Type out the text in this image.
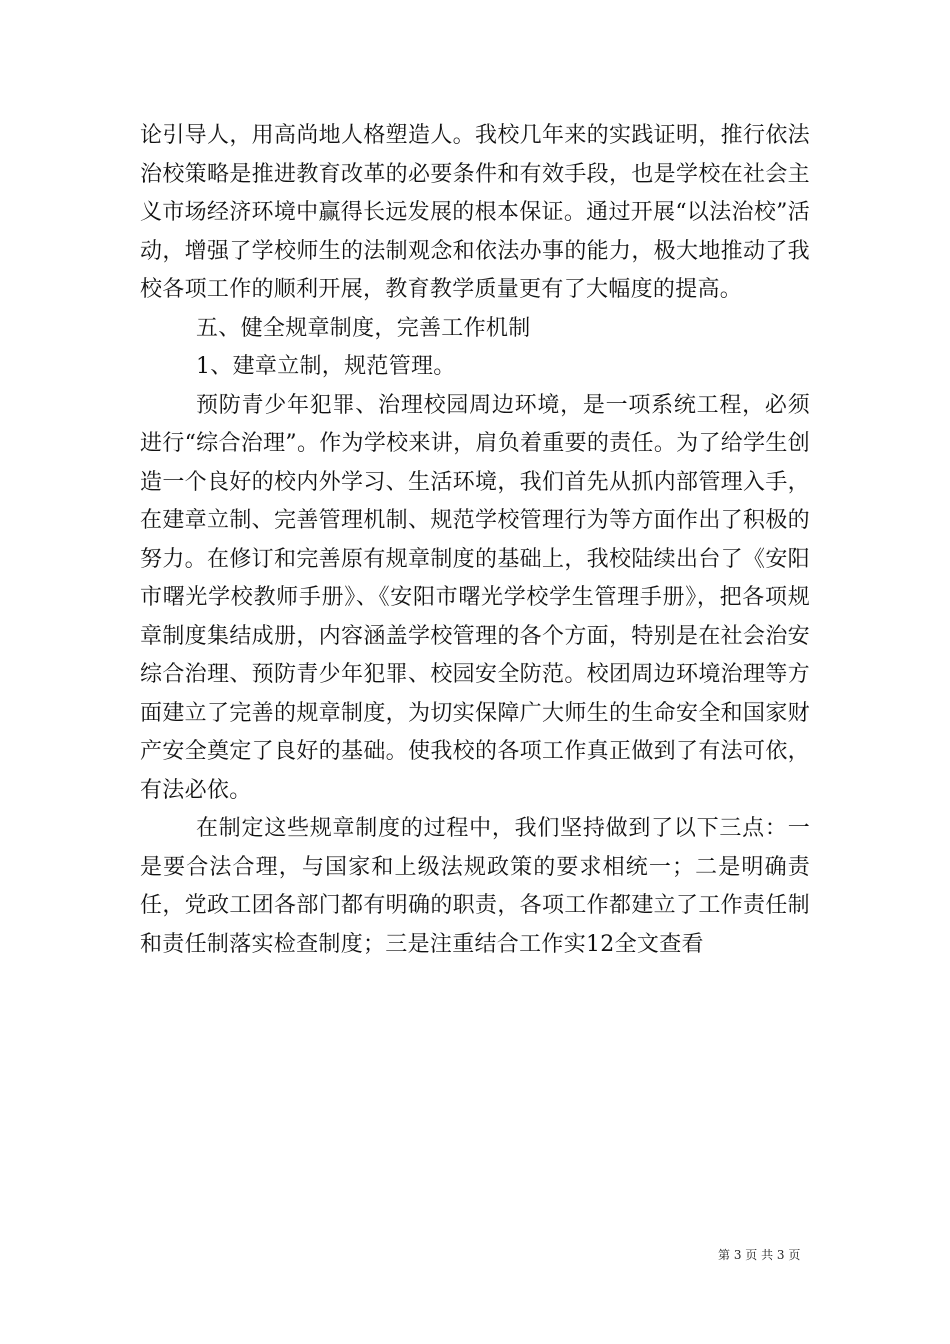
论引导人，用高尚地人格塑造人。我校几年来的实践证明，推行依法治校策略是推进教育改革的必要条件和有效手段，也是学校在社会主义市场经济环境中赢得长远发展的根本保证。通过开展“以法治校”活动，增强了学校师生的法制观念和依法办事的能力，极大地推动了我校各项工作的顺利开展，教育教学质量更有了大幅度的提高。

五、健全规章制度，完善工作机制

1、建章立制，规范管理。

预防青少年犯罪、治理校园周边环境，是一项系统工程，必须进行“综合治理”。作为学校来讲，肩负着重要的责任。为了给学生创造一个良好的校内外学习、生活环境，我们首先从抓内部管理入手，在建章立制、完善管理机制、规范学校管理行为等方面作出了积极的努力。在修订和完善原有规章制度的基础上，我校陆续出台了《安阳市曙光学校教师手册》、《安阳市曙光学校学生管理手册》，把各项规章制度集结成册，内容涵盖学校管理的各个方面，特别是在社会治安综合治理、预防青少年犯罪、校园安全防范。校团周边环境治理等方面建立了完善的规章制度，为切实保障广大师生的生命安全和国家财产安全奠定了良好的基础。使我校的各项工作真正做到了有法可依，有法必依。

在制定这些规章制度的过程中，我们坚持做到了以下三点：一是要合法合理，与国家和上级法规政策的要求相统一；二是明确责任，党政工团各部门都有明确的职责，各项工作都建立了工作责任制和责任制落实检查制度；三是注重结合工作实12全文查看

第 3 页 共 3 页
